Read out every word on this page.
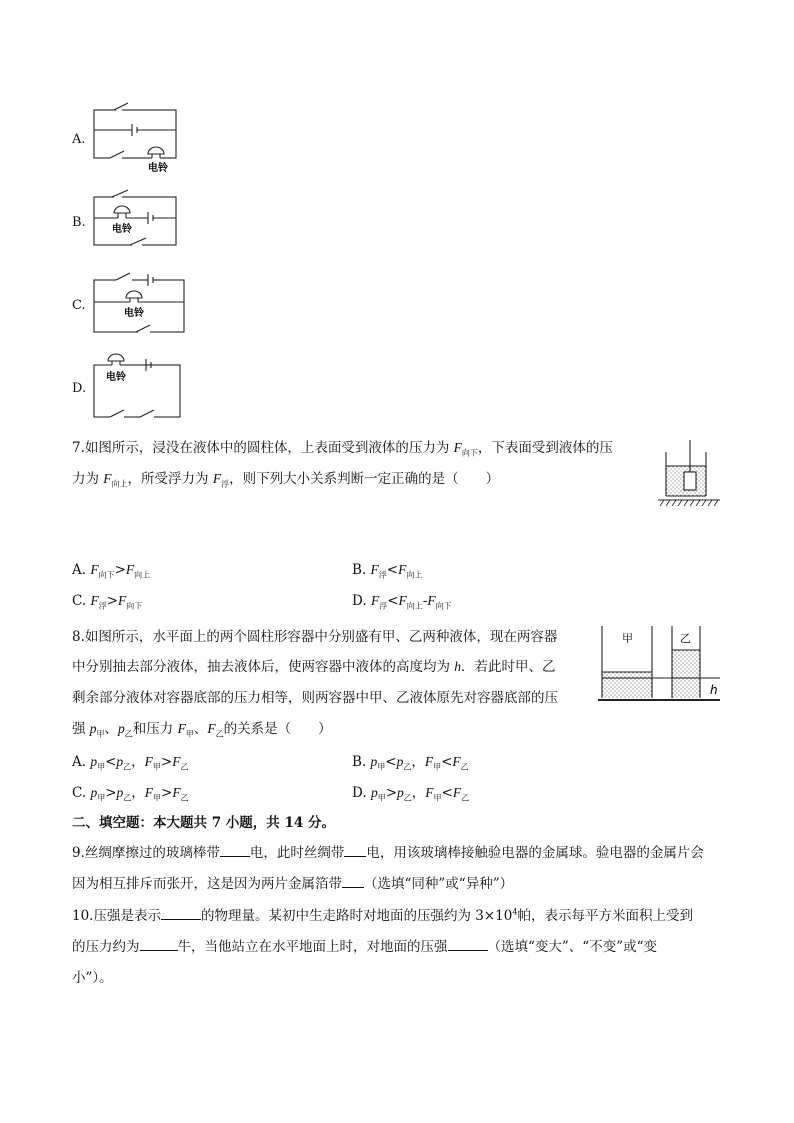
A.
电铃
B.	电铃
C.
电铃
D.
电铃
7.如图所示，浸没在液体中的圆柱体，上表面受到液体的压力为 $F_{向下}$，下表面受到液体的压
力为 $F_{向上}$，所受浮力为 $F_浮$，则下列大小关系判断一定正确的是（　　）
A. $F_{向下}>F_{向上}$	B. $F_浮<F_{向上}$
C. $F_浮>F_{向下}$	D. $F_浮<F_{向上}-F_{向下}$
8.如图所示，水平面上的两个圆柱形容器中分别盛有甲、乙两种液体，现在两容器
中分别抽去部分液体，抽去液体后，使两容器中液体的高度均为 h．若此时甲、乙
剩余部分液体对容器底部的压力相等，则两容器中甲、乙液体原先对容器底部的压
强 $p_甲$、$p_乙$和压力 $F_甲$、$F_乙$的关系是（　　）
甲	乙
h
A. $p_甲<p_乙$，$F_甲>F_乙$	B. $p_甲<p_乙$，$F_甲<F_乙$
C. $p_甲>p_乙$，$F_甲>F_乙$	D. $p_甲>p_乙$，$F_甲<F_乙$
二、填空题：本大题共 7 小题，共 14 分。
9.丝绸摩擦过的玻璃棒带 电，此时丝绸带 电，用该玻璃棒接触验电器的金属球。验电器的金属片会
因为相互排斥而张开，这是因为两片金属箔带 （选填“同种”或“异种”）
10.压强是表示	的物理量。某初中生走路时对地面的压强约为 $3\times 10^4$帕，表示每平方米面积上受到
的压力约为	牛，当他站立在水平地面上时，对地面的压强	（选填“变大”、“不变”或“变
小”）。
